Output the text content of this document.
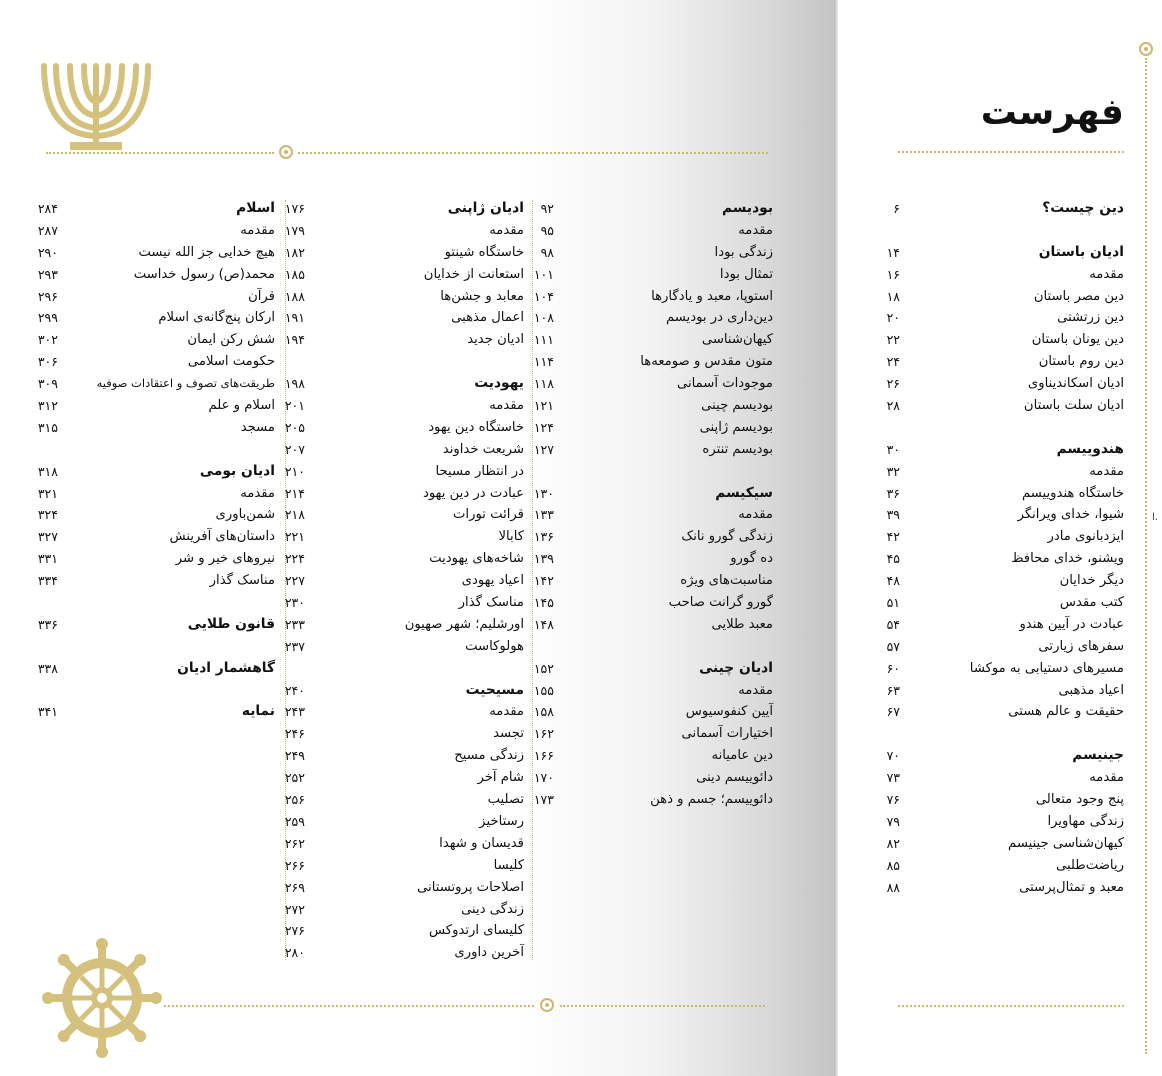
فهرست
ا.
دین چیست؟
۶
ادیان باستان
۱۴
مقدمه
۱۶
دین مصر باستان
۱۸
دین زرتشتی
۲۰
دین یونان باستان
۲۲
دین روم باستان
۲۴
ادیان اسکاندیناوی
۲۶
ادیان سلت باستان
۲۸
هندوییسم
۳۰
مقدمه
۳۲
خاستگاه هندوییسم
۳۶
شیوا، خدای ویرانگر
۳۹
ایزدبانوی مادر
۴۲
ویشنو، خدای محافظ
۴۵
دیگر خدایان
۴۸
کتب مقدس
۵۱
عبادت در آیین هندو
۵۴
سفرهای زیارتی
۵۷
مسیرهای دستیابی به موکشا
۶۰
اعیاد مذهبی
۶۳
حقیقت و عالم هستی
۶۷
جینیسم
۷۰
مقدمه
۷۳
پنج وجود متعالی
۷۶
زندگی مهاویرا
۷۹
کیهان‌شناسی جینیسم
۸۲
ریاضت‌طلبی
۸۵
معبد و تمثال‌پرستی
۸۸
بودیسم
۹۲
مقدمه
۹۵
زندگی بودا
۹۸
تمثال بودا
۱۰۱
استوپا، معبد و یادگارها
۱۰۴
دین‌داری در بودیسم
۱۰۸
کیهان‌شناسی
۱۱۱
متون مقدس و صومعه‌ها
۱۱۴
موجودات آسمانی
۱۱۸
بودیسم چینی
۱۲۱
بودیسم ژاپنی
۱۲۴
بودیسم تنتره
۱۲۷
سیکیسم
۱۳۰
مقدمه
۱۳۳
زندگی گورو نانک
۱۳۶
ده گورو
۱۳۹
مناسبت‌های ویژه
۱۴۲
گورو گرانت صاحب
۱۴۵
معبد طلایی
۱۴۸
ادیان چینی
۱۵۲
مقدمه
۱۵۵
آیین کنفوسیوس
۱۵۸
اختیارات آسمانی
۱۶۲
دین عامیانه
۱۶۶
دائوییسم دینی
۱۷۰
دائوییسم؛ جسم و ذهن
۱۷۳
ادیان ژاپنی
۱۷۶
مقدمه
۱۷۹
خاستگاه شینتو
۱۸۲
استعانت از خدایان
۱۸۵
معابد و جشن‌ها
۱۸۸
اعمال مذهبی
۱۹۱
ادیان جدید
۱۹۴
یهودیت
۱۹۸
مقدمه
۲۰۱
خاستگاه دین یهود
۲۰۵
شریعت خداوند
۲۰۷
در انتظار مسیحا
۲۱۰
عبادت در دین یهود
۲۱۴
قرائت تورات
۲۱۸
کابالا
۲۲۱
شاخه‌های یهودیت
۲۲۴
اعیاد یهودی
۲۲۷
مناسک گذار
۲۳۰
اورشلیم؛ شهر صهیون
۲۳۳
هولوکاست
۲۳۷
مسیحیت
۲۴۰
مقدمه
۲۴۳
تجسد
۲۴۶
زندگی مسیح
۲۴۹
شام آخر
۲۵۲
تصلیب
۲۵۶
رستاخیز
۲۵۹
قدیسان و شهدا
۲۶۲
کلیسا
۲۶۶
اصلاحات پروتستانی
۲۶۹
زندگی دینی
۲۷۲
کلیسای ارتدوکس
۲۷۶
آخرین داوری
۲۸۰
اسلام
۲۸۴
مقدمه
۲۸۷
هیچ خدایی جز الله نیست
۲۹۰
محمد(ص) رسول خداست
۲۹۳
قرآن
۲۹۶
ارکان پنج‌گانه‌ی اسلام
۲۹۹
شش رکن ایمان
۳۰۲
حکومت اسلامی
۳۰۶
طریقت‌های تصوف و اعتقادات صوفیه
۳۰۹
اسلام و علم
۳۱۲
مسجد
۳۱۵
ادیان بومی
۳۱۸
مقدمه
۳۲۱
شمن‌باوری
۳۲۴
داستان‌های آفرینش
۳۲۷
نیروهای خیر و شر
۳۳۱
مناسک گذار
۳۳۴
قانون طلایی
۳۳۶
گاهشمار ادیان
۳۳۸
نمایه
۳۴۱
